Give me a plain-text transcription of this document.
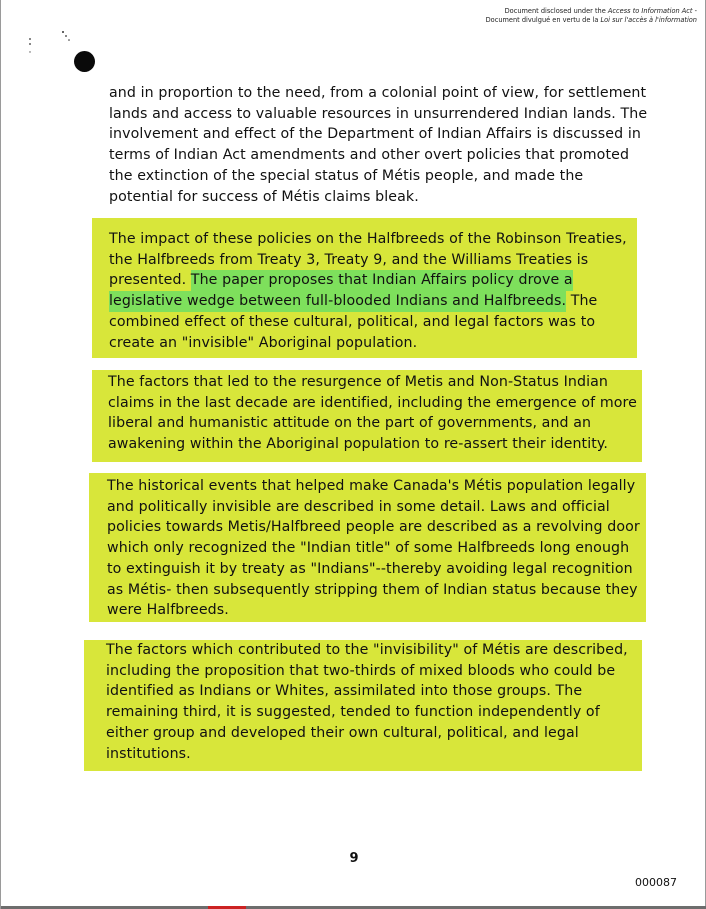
Document disclosed under the Access to Information Act -
Document divulgué en vertu de la Loi sur l'accès à l'information

and in proportion to the need, from a colonial point of view, for settlement lands and access to valuable resources in unsurrendered Indian lands. The involvement and effect of the Department of Indian Affairs is discussed in terms of Indian Act amendments and other overt policies that promoted the extinction of the special status of Métis people, and made the potential for success of Métis claims bleak.

The impact of these policies on the Halfbreeds of the Robinson Treaties, the Halfbreeds from Treaty 3, Treaty 9, and the Williams Treaties is presented. The paper proposes that Indian Affairs policy drove a legislative wedge between full-blooded Indians and Halfbreeds. The combined effect of these cultural, political, and legal factors was to create an "invisible" Aboriginal population.

The factors that led to the resurgence of Metis and Non-Status Indian claims in the last decade are identified, including the emergence of more liberal and humanistic attitude on the part of governments, and an awakening within the Aboriginal population to re-assert their identity.

The historical events that helped make Canada's Métis population legally and politically invisible are described in some detail. Laws and official policies towards Metis/Halfbreed people are described as a revolving door which only recognized the "Indian title" of some Halfbreeds long enough to extinguish it by treaty as "Indians"--thereby avoiding legal recognition as Métis- then subsequently stripping them of Indian status because they were Halfbreeds.

The factors which contributed to the "invisibility" of Métis are described, including the proposition that two-thirds of mixed bloods who could be identified as Indians or Whites, assimilated into those groups. The remaining third, it is suggested, tended to function independently of either group and developed their own cultural, political, and legal institutions.

9
000087
